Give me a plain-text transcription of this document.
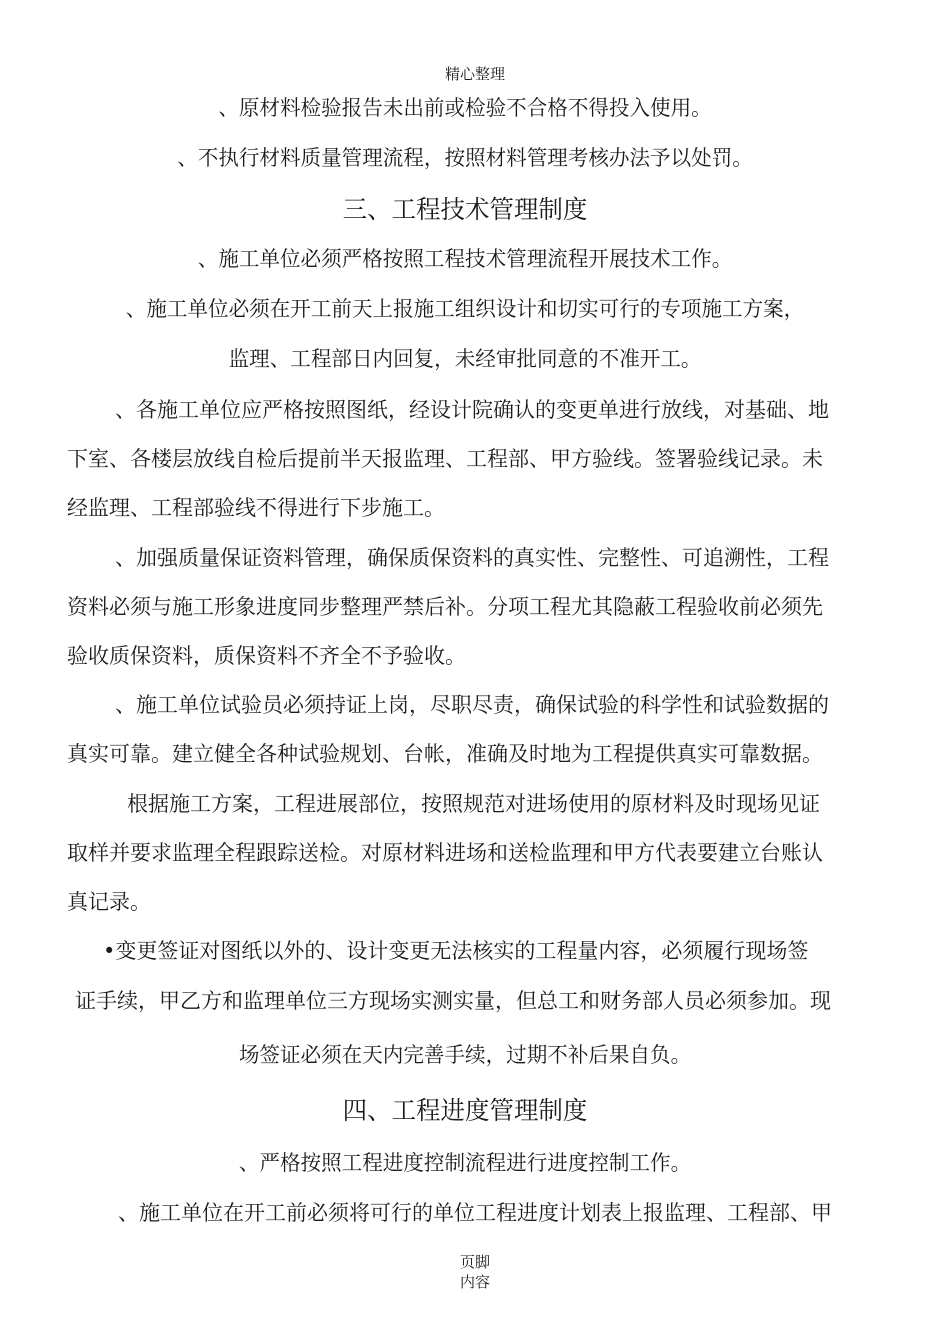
精心整理
、原材料检验报告未出前或检验不合格不得投入使用。
、不执行材料质量管理流程，按照材料管理考核办法予以处罚。
三、工程技术管理制度
、施工单位必须严格按照工程技术管理流程开展技术工作。
、施工单位必须在开工前天上报施工组织设计和切实可行的专项施工方案，
监理、工程部日内回复，未经审批同意的不准开工。
、各施工单位应严格按照图纸，经设计院确认的变更单进行放线，对基础、地
下室、各楼层放线自检后提前半天报监理、工程部、甲方验线。签署验线记录。未
经监理、工程部验线不得进行下步施工。
、加强质量保证资料管理，确保质保资料的真实性、完整性、可追溯性，工程
资料必须与施工形象进度同步整理严禁后补。分项工程尤其隐蔽工程验收前必须先
验收质保资料，质保资料不齐全不予验收。
、施工单位试验员必须持证上岗，尽职尽责，确保试验的科学性和试验数据的
真实可靠。建立健全各种试验规划、台帐，准确及时地为工程提供真实可靠数据。
根据施工方案，工程进展部位，按照规范对进场使用的原材料及时现场见证
取样并要求监理全程跟踪送检。对原材料进场和送检监理和甲方代表要建立台账认
真记录。
•变更签证对图纸以外的、设计变更无法核实的工程量内容，必须履行现场签
证手续，甲乙方和监理单位三方现场实测实量，但总工和财务部人员必须参加。现
场签证必须在天内完善手续，过期不补后果自负。
四、工程进度管理制度
、严格按照工程进度控制流程进行进度控制工作。
、施工单位在开工前必须将可行的单位工程进度计划表上报监理、工程部、甲
页脚
内容
